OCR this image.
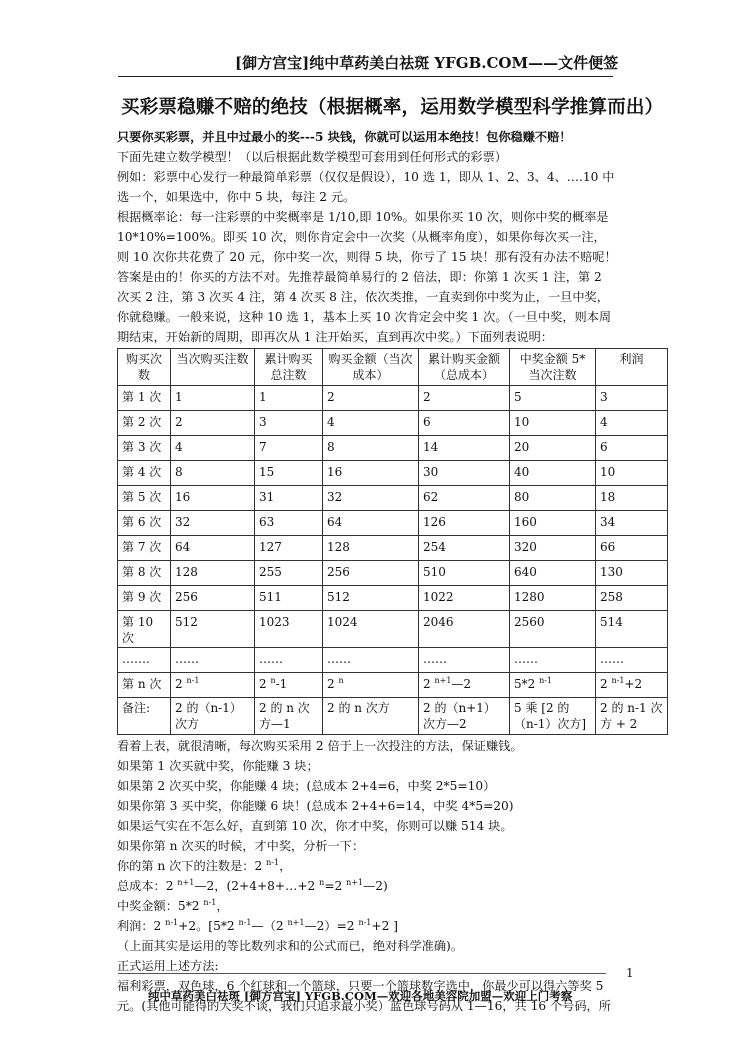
[御方宫宝]纯中草药美白祛斑 YFGB.COM——文件便签
买彩票稳赚不赔的绝技（根据概率，运用数学模型科学推算而出）

只要你买彩票，并且中过最小的奖---5 块钱，你就可以运用本绝技！包你稳赚不赔！

下面先建立数学模型！（以后根据此数学模型可套用到任何形式的彩票）

例如：彩票中心发行一种最简单彩票（仅仅是假设），10 选 1，即从 1、2、3、4、….10 中选一个，如果选中，你中 5 块，每注 2 元。

根据概率论：每一注彩票的中奖概率是 1/10,即 10%。如果你买 10 次，则你中奖的概率是 10*10%=100%。即买 10 次，则你肯定会中一次奖（从概率角度），如果你每次买一注，则 10 次你共花费了 20 元，你中奖一次，则得 5 块，你亏了 15 块！那有没有办法不赔呢！答案是由的！你买的方法不对。先推荐最简单易行的 2 倍法，即：你第 1 次买 1 注，第 2 次买 2 注，第 3 次买 4 注，第 4 次买 8 注，依次类推，一直卖到你中奖为止，一旦中奖，你就稳赚。一般来说，这种 10 选 1，基本上买 10 次肯定会中奖 1 次。（一旦中奖，则本周期结束，开始新的周期，即再次从 1 注开始买，直到再次中奖。）下面列表说明：

购买次数	当次购买注数	累计购买总注数	购买金额（当次成本）	累计购买金额（总成本）	中奖金额 5*当次注数	利润
第 1 次	1	1	2	2	5	3
第 2 次	2	3	4	6	10	4
第 3 次	4	7	8	14	20	6
第 4 次	8	15	16	30	40	10
第 5 次	16	31	32	62	80	18
第 6 次	32	63	64	126	160	34
第 7 次	64	127	128	254	320	66
第 8 次	128	255	256	510	640	130
第 9 次	256	511	512	1022	1280	258
第 10 次	512	1023	1024	2046	2560	514
…….	……	……	……	……	……	……
第 n 次	2 $^{n-1}$	2 $^n$-1	2 $^n$	2 $^{n+1}$—2	5*2 $^{n-1}$	2 $^{n-1}$+2
备注:	2 的（n-1）次方	2 的 n 次方—1	2 的 n 次方	2 的（n+1）次方—2	5 乘 [2 的（n-1）次方]	2 的 n-1 次方 + 2

看着上表，就很清晰，每次购买采用 2 倍于上一次投注的方法，保证赚钱。

如果第 1 次买就中奖，你能赚 3 块；

如果第 2 次买中奖，你能赚 4 块；(总成本 2+4=6，中奖 2*5=10）

如果你第 3 买中奖，你能赚 6 块！(总成本 2+4+6=14，中奖 4*5=20)

如果运气实在不怎么好，直到第 10 次，你才中奖，你则可以赚 514 块。

如果你第 n 次买的时候，才中奖，分析一下：

你的第 n 次下的注数是：2 $^{n-1}$，

总成本：2 $^{n+1}$—2，(2+4+8+…+2 $^n$=2 $^{n+1}$—2)

中奖金额：5*2 $^{n-1}$，

利润：2 $^{n-1}$+2。[5*2 $^{n-1}$—（2 $^{n+1}$—2）=2 $^{n-1}$+2 ]

（上面其实是运用的等比数列求和的公式而已，绝对科学准确)。

正式运用上述方法:

福利彩票，双色球，6 个红球和一个篮球，只要一个篮球数字选中，你最少可以得六等奖 5 元。(其他可能得的大奖不谈，我们只追求最小奖）蓝色球号码从 1—16，共 16 个号码，所

1
纯中草药美白祛斑 [御方宫宝] YFGB.COM—欢迎各地美容院加盟—欢迎上门考察
